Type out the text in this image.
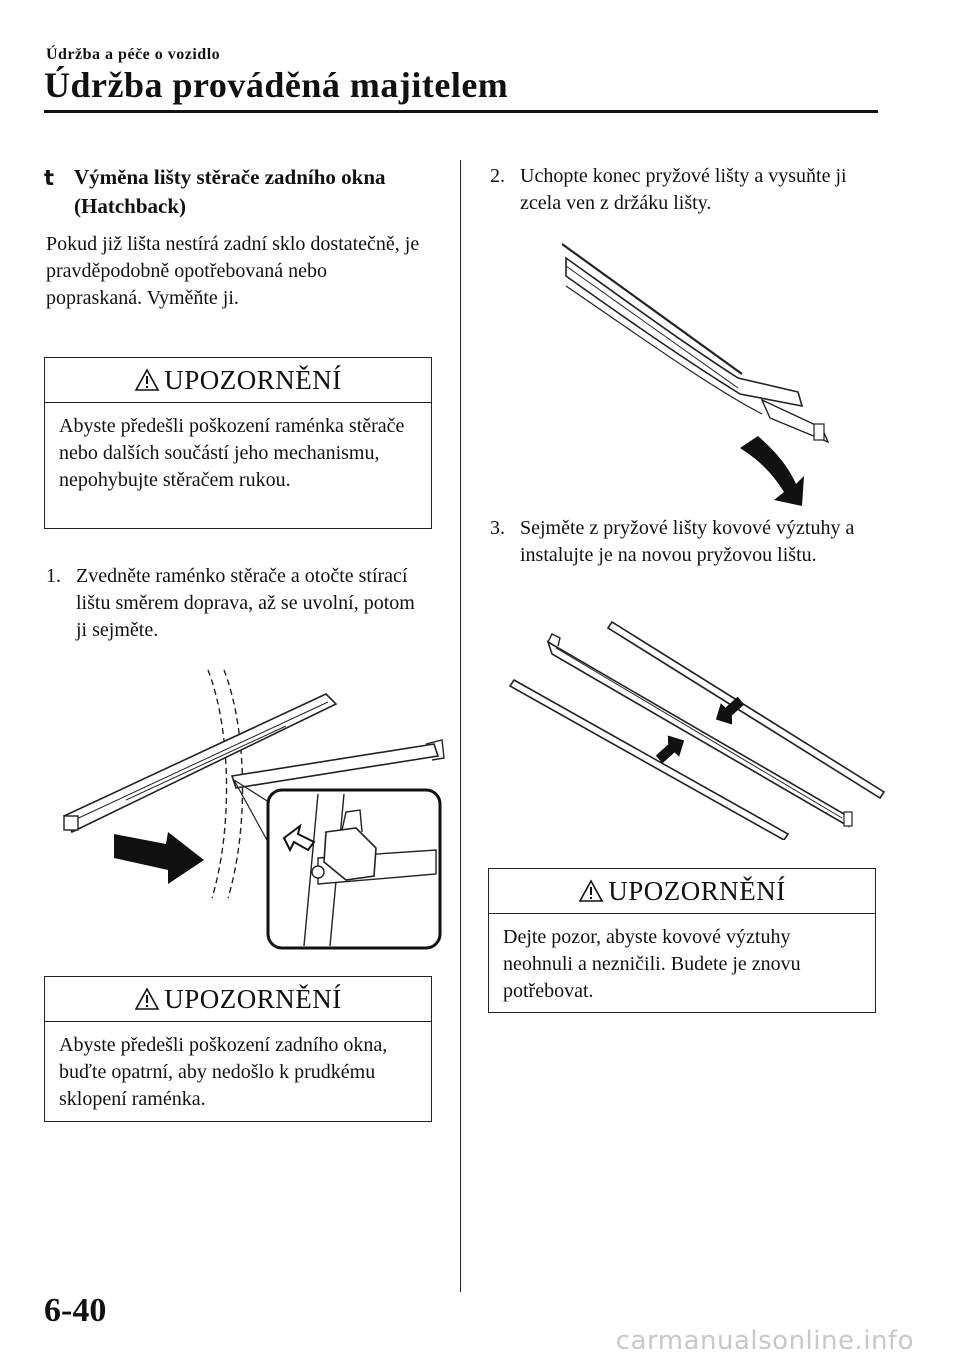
Údržba a péče o vozidlo
Údržba prováděná majitelem
t Výměna lišty stěrače zadního okna (Hatchback)
Pokud již lišta nestírá zadní sklo dostatečně, je pravděpodobně opotřebovaná nebo popraskaná. Vyměňte ji.
UPOZORNĚNÍ
Abyste předešli poškození raménka stěrače nebo dalších součástí jeho mechanismu, nepohybujte stěračem rukou.
1. Zvedněte raménko stěrače a otočte stírací lištu směrem doprava, až se uvolní, potom ji sejměte.
UPOZORNĚNÍ
Abyste předešli poškození zadního okna, buďte opatrní, aby nedošlo k prudkému sklopení raménka.
2. Uchopte konec pryžové lišty a vysuňte ji zcela ven z držáku lišty.
3. Sejměte z pryžové lišty kovové výztuhy a instalujte je na novou pryžovou lištu.
UPOZORNĚNÍ
Dejte pozor, abyste kovové výztuhy neohnuli a nezničili. Budete je znovu potřebovat.
6-40
carmanualsonline.info
